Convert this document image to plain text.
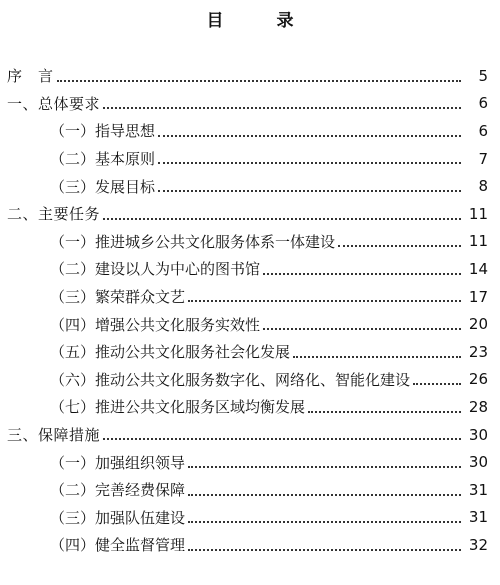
目　录
序　言	5
一、总体要求	6
（一）指导思想	6
（二）基本原则	7
（三）发展目标	8
二、主要任务	11
（一）推进城乡公共文化服务体系一体建设	11
（二）建设以人为中心的图书馆	14
（三）繁荣群众文艺	17
（四）增强公共文化服务实效性	20
（五）推动公共文化服务社会化发展	23
（六）推动公共文化服务数字化、网络化、智能化建设	26
（七）推进公共文化服务区域均衡发展	28
三、保障措施	30
（一）加强组织领导	30
（二）完善经费保障	31
（三）加强队伍建设	31
（四）健全监督管理	32
